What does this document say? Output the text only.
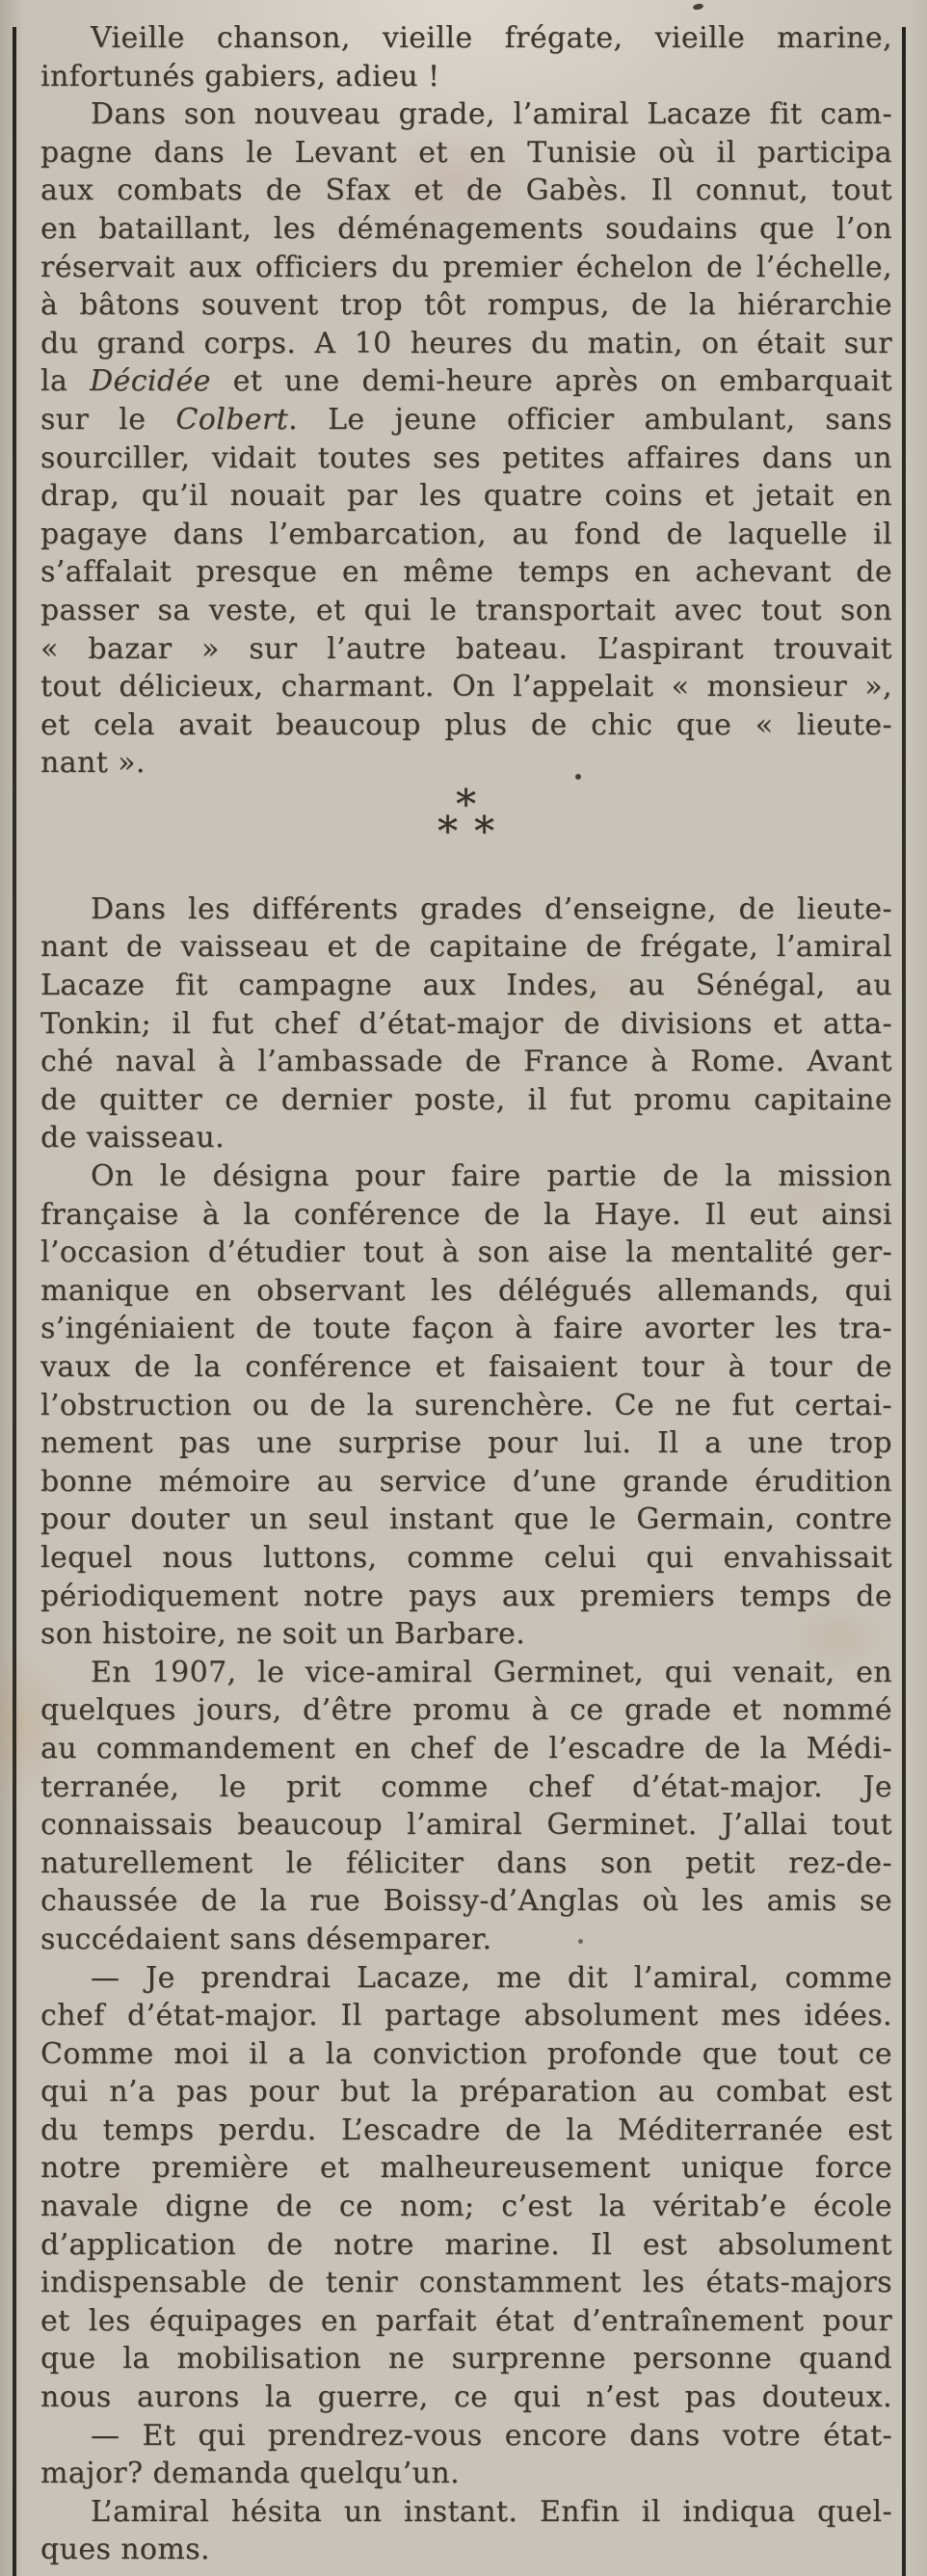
Vieille chanson, vieille frégate, vieille marine,
infortunés gabiers, adieu !
Dans son nouveau grade, l’amiral Lacaze fit cam-
pagne dans le Levant et en Tunisie où il participa
aux combats de Sfax et de Gabès. Il connut, tout
en bataillant, les déménagements soudains que l’on
réservait aux officiers du premier échelon de l’échelle,
à bâtons souvent trop tôt rompus, de la hiérarchie
du grand corps. A 10 heures du matin, on était sur
la Décidée et une demi-heure après on embarquait
sur le Colbert. Le jeune officier ambulant, sans
sourciller, vidait toutes ses petites affaires dans un
drap, qu’il nouait par les quatre coins et jetait en
pagaye dans l’embarcation, au fond de laquelle il
s’affalait presque en même temps en achevant de
passer sa veste, et qui le transportait avec tout son
« bazar » sur l’autre bateau. L’aspirant trouvait
tout délicieux, charmant. On l’appelait « monsieur »,
et cela avait beaucoup plus de chic que « lieute-
nant ».
*
* *
Dans les différents grades d’enseigne, de lieute-
nant de vaisseau et de capitaine de frégate, l’amiral
Lacaze fit campagne aux Indes, au Sénégal, au
Tonkin; il fut chef d’état-major de divisions et atta-
ché naval à l’ambassade de France à Rome. Avant
de quitter ce dernier poste, il fut promu capitaine
de vaisseau.
On le désigna pour faire partie de la mission
française à la conférence de la Haye. Il eut ainsi
l’occasion d’étudier tout à son aise la mentalité ger-
manique en observant les délégués allemands, qui
s’ingéniaient de toute façon à faire avorter les tra-
vaux de la conférence et faisaient tour à tour de
l’obstruction ou de la surenchère. Ce ne fut certai-
nement pas une surprise pour lui. Il a une trop
bonne mémoire au service d’une grande érudition
pour douter un seul instant que le Germain, contre
lequel nous luttons, comme celui qui envahissait
périodiquement notre pays aux premiers temps de
son histoire, ne soit un Barbare.
En 1907, le vice-amiral Germinet, qui venait, en
quelques jours, d’être promu à ce grade et nommé
au commandement en chef de l’escadre de la Médi-
terranée, le prit comme chef d’état-major. Je
connaissais beaucoup l’amiral Germinet. J’allai tout
naturellement le féliciter dans son petit rez-de-
chaussée de la rue Boissy-d’Anglas où les amis se
succédaient sans désemparer.
— Je prendrai Lacaze, me dit l’amiral, comme
chef d’état-major. Il partage absolument mes idées.
Comme moi il a la conviction profonde que tout ce
qui n’a pas pour but la préparation au combat est
du temps perdu. L’escadre de la Méditerranée est
notre première et malheureusement unique force
navale digne de ce nom; c’est la véritab’e école
d’application de notre marine. Il est absolument
indispensable de tenir constamment les états-majors
et les équipages en parfait état d’entraînement pour
que la mobilisation ne surprenne personne quand
nous aurons la guerre, ce qui n’est pas douteux.
— Et qui prendrez-vous encore dans votre état-
major? demanda quelqu’un.
L’amiral hésita un instant. Enfin il indiqua quel-
ques noms.
